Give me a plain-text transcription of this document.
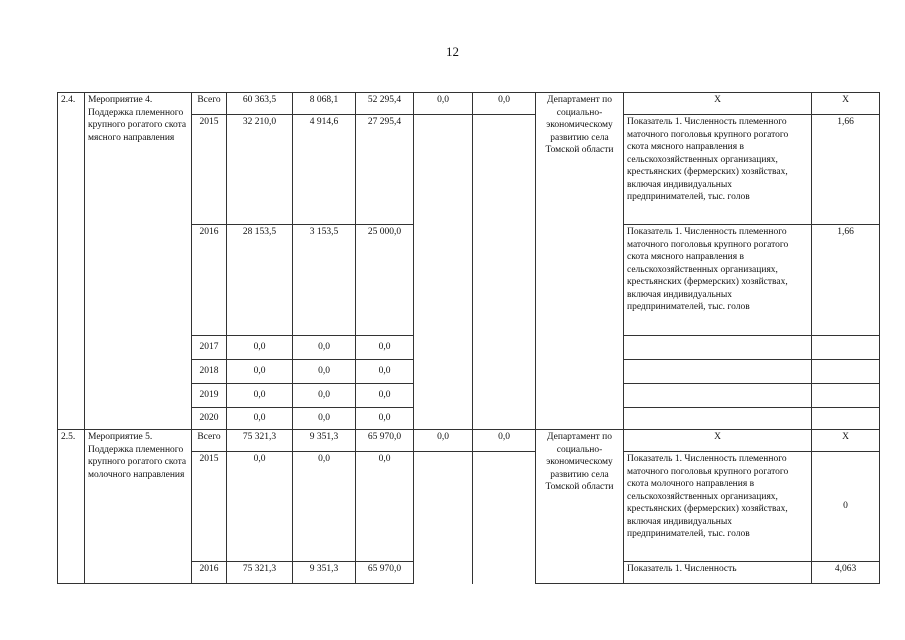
12
2.4.	Мероприятие 4. Поддержка племенного крупного рогатого скота мясного направления	Всего	60 363,5	8 068,1	52 295,4	0,0	0,0	Департамент по социально-экономическому развитию села Томской области	Х	Х
		2015	32 210,0	4 914,6	27 295,4				Показатель 1. Численность племенного маточного поголовья крупного рогатого скота мясного направления в сельскохозяйственных организациях, крестьянских (фермерских) хозяйствах, включая индивидуальных предпринимателей, тыс. голов	1,66
		2016	28 153,5	3 153,5	25 000,0				Показатель 1. Численность племенного маточного поголовья крупного рогатого скота мясного направления в сельскохозяйственных организациях, крестьянских (фермерских) хозяйствах, включая индивидуальных предпринимателей, тыс. голов	1,66
		2017	0,0	0,0	0,0					
		2018	0,0	0,0	0,0					
		2019	0,0	0,0	0,0					
		2020	0,0	0,0	0,0					
2.5.	Мероприятие 5. Поддержка племенного крупного рогатого скота молочного направления	Всего	75 321,3	9 351,3	65 970,0	0,0	0,0	Департамент по социально-экономическому развитию села Томской области	Х	Х
		2015	0,0	0,0	0,0				Показатель 1. Численность племенного маточного поголовья крупного рогатого скота молочного направления в сельскохозяйственных организациях, крестьянских (фермерских) хозяйствах, включая индивидуальных предпринимателей, тыс. голов	0
		2016	75 321,3	9 351,3	65 970,0				Показатель 1. Численность	4,063
